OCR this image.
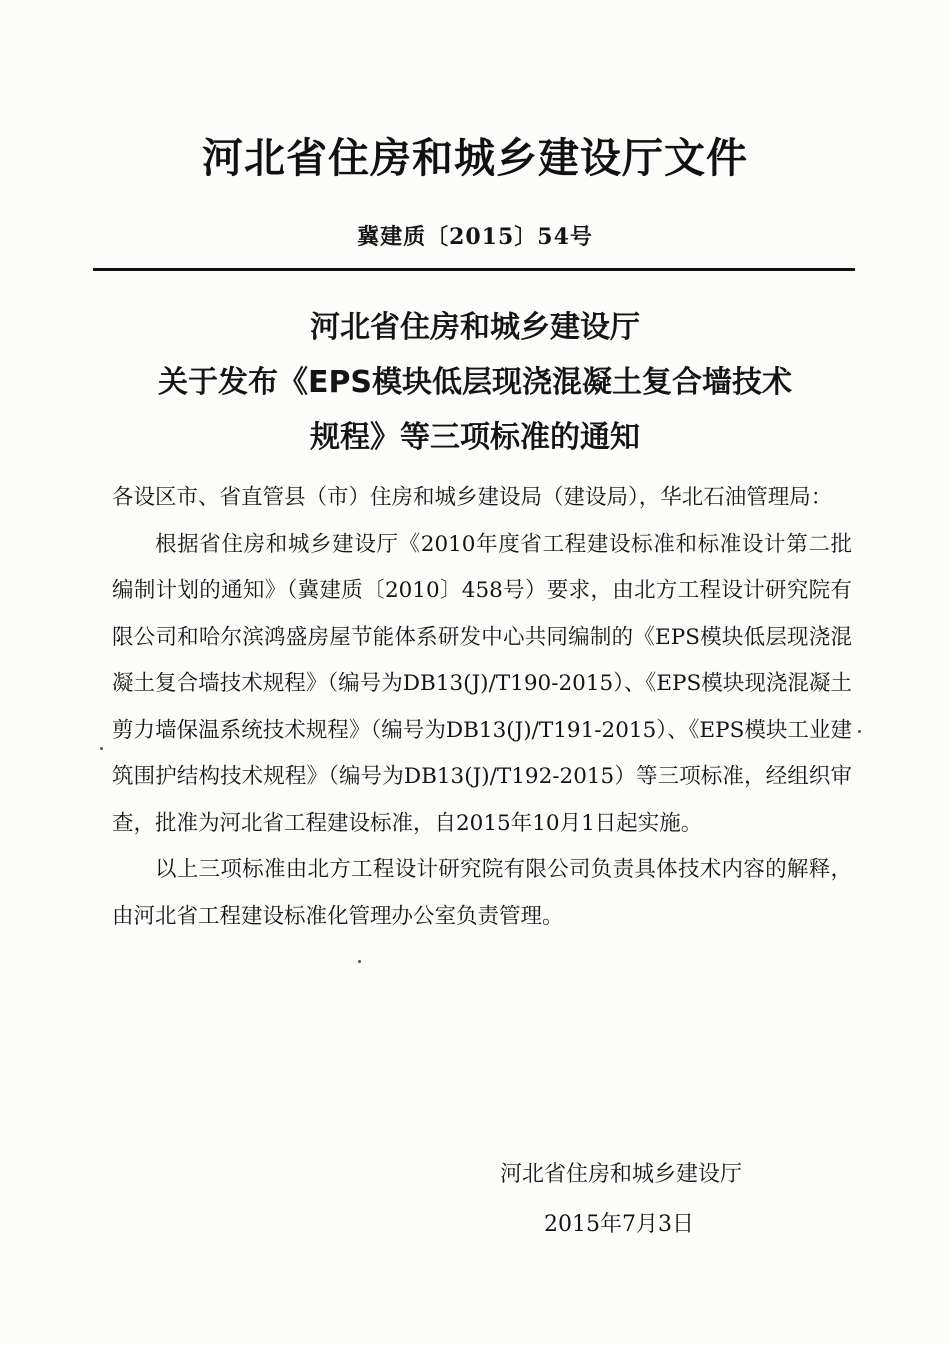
河北省住房和城乡建设厅文件
冀建质〔2015〕54号
河北省住房和城乡建设厅
关于发布《EPS模块低层现浇混凝土复合墙技术
规程》等三项标准的通知

各设区市、省直管县（市）住房和城乡建设局（建设局），华北石油管理局：

根据省住房和城乡建设厅《2010年度省工程建设标准和标准设计第二批编制计划的通知》（冀建质〔2010〕458号）要求，由北方工程设计研究院有限公司和哈尔滨鸿盛房屋节能体系研发中心共同编制的《EPS模块低层现浇混凝土复合墙技术规程》（编号为DB13(J)/T190-2015）、《EPS模块现浇混凝土剪力墙保温系统技术规程》（编号为DB13(J)/T191-2015）、《EPS模块工业建筑围护结构技术规程》（编号为DB13(J)/T192-2015）等三项标准，经组织审查，批准为河北省工程建设标准，自2015年10月1日起实施。

以上三项标准由北方工程设计研究院有限公司负责具体技术内容的解释，由河北省工程建设标准化管理办公室负责管理。

河北省住房和城乡建设厅
2015年7月3日
